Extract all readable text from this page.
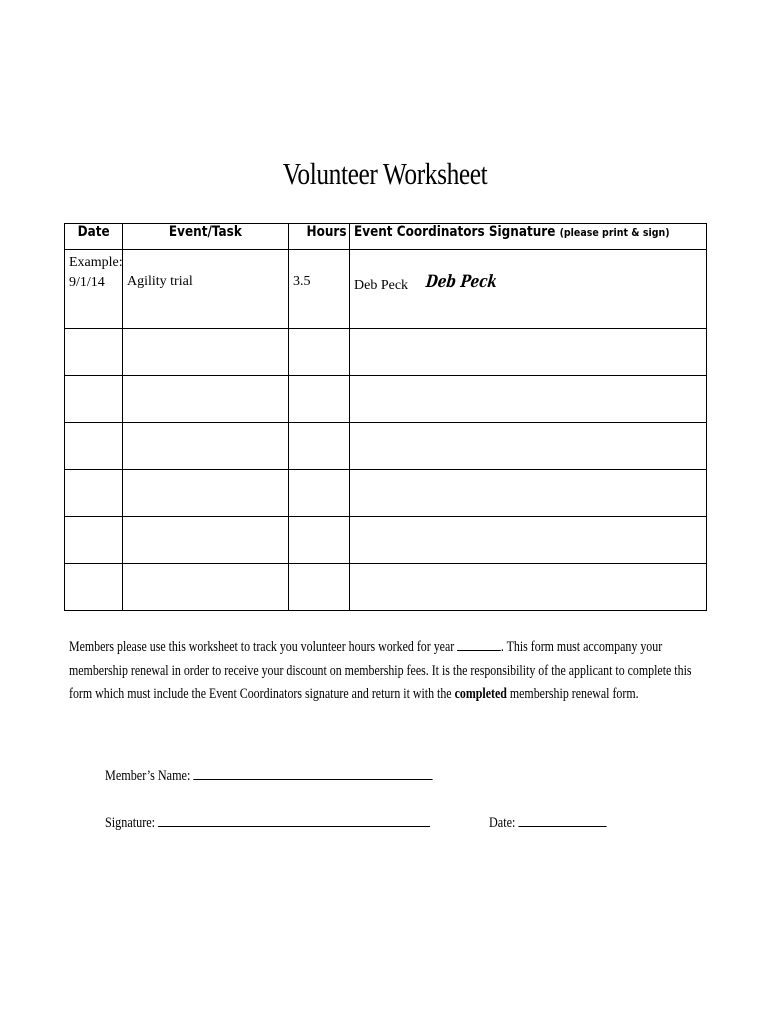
Volunteer Worksheet
Date	Event/Task	Hours	Event Coordinators Signature (please print & sign)

Example:
9/1/14	Agility trial	3.5	Deb Peck Deb Peck

Members please use this worksheet to track you volunteer hours worked for year	. This form must accompany your
membership renewal in order to receive your discount on membership fees. It is the responsibility of the applicant to complete this
form which must include the Event Coordinators signature and return it with the completed membership renewal form.
Member’s Name:
Signature:	Date:
